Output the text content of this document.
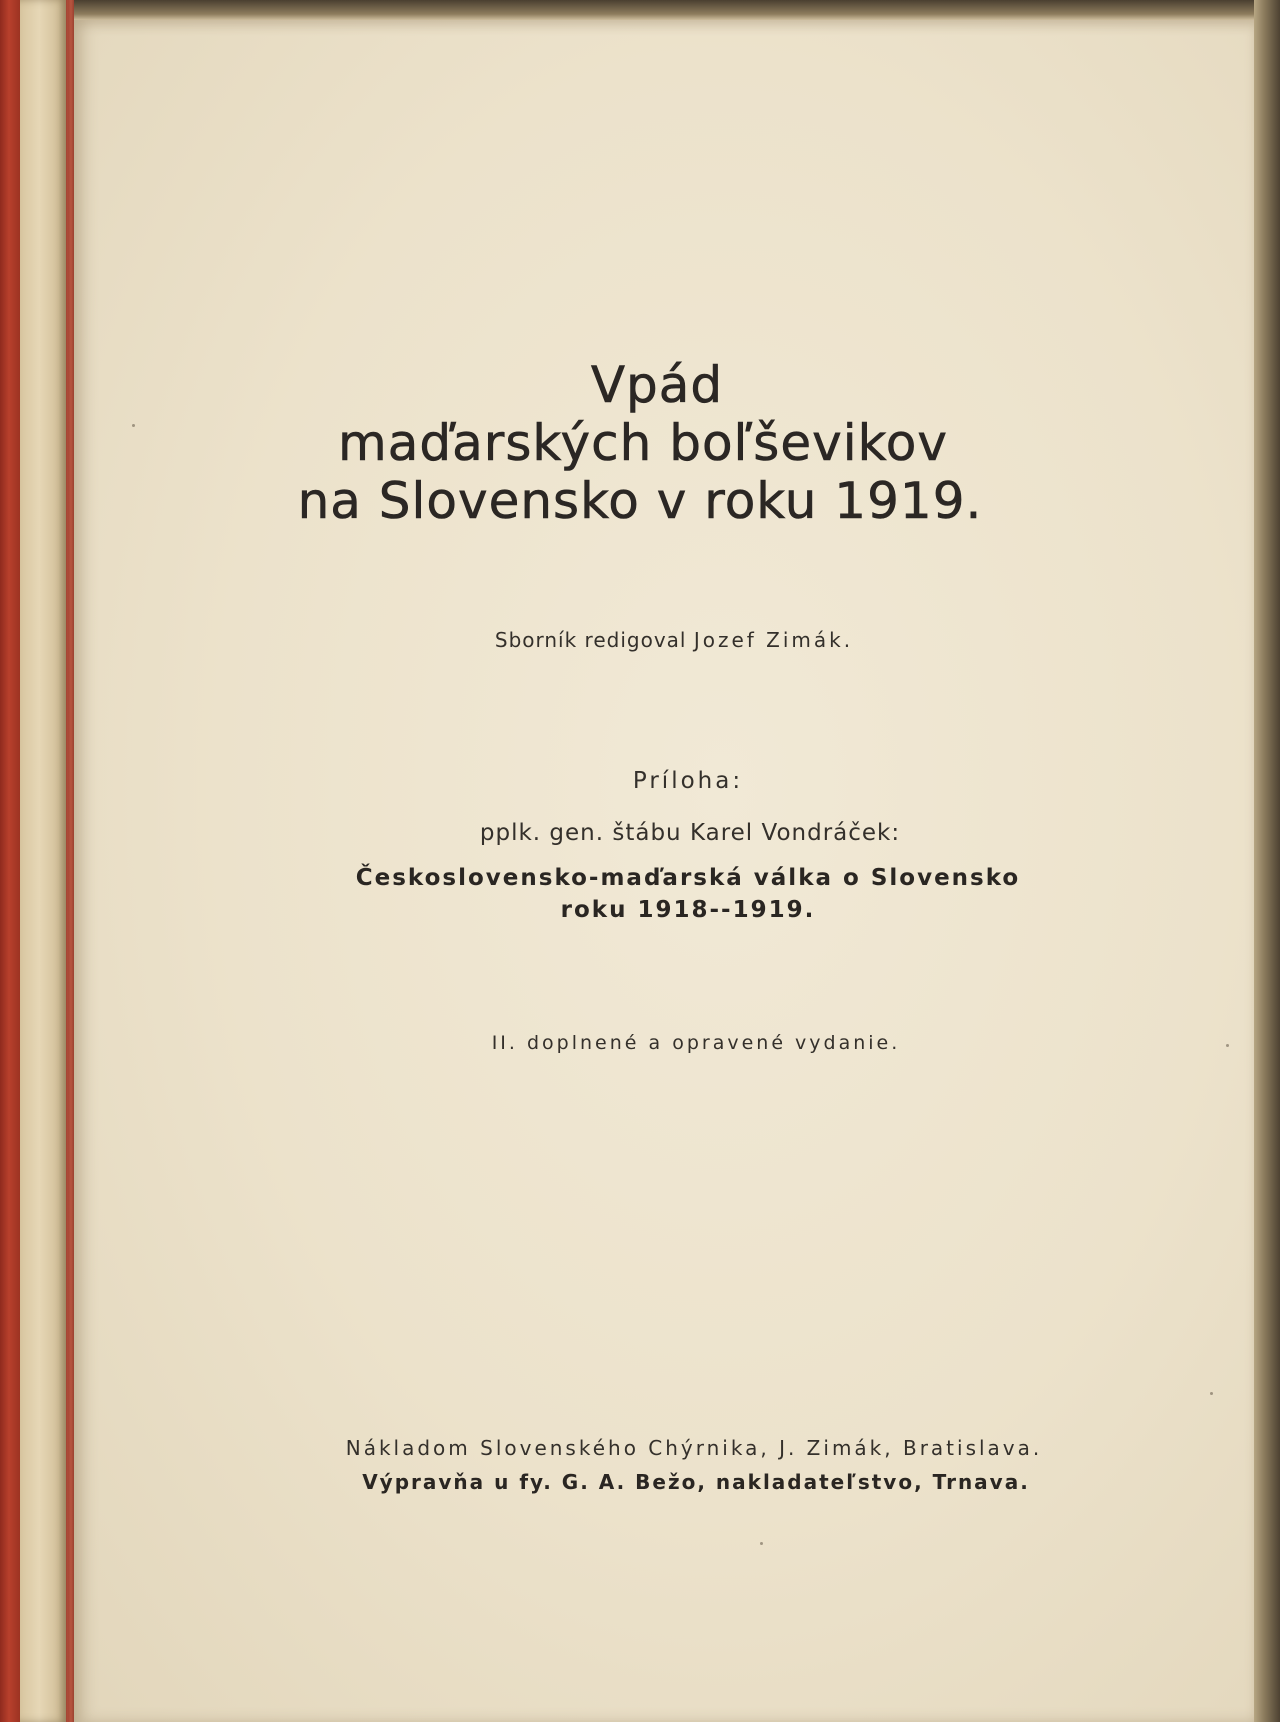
Vpád
maďarských boľševikov
na Slovensko v roku 1919.
Sborník redigoval Jozef Zimák.
Príloha:
pplk. gen. štábu Karel Vondráček:
Československo-maďarská válka o Slovensko
roku 1918--1919.
II. doplnené a opravené vydanie.
Nákladom Slovenského Chýrnika, J. Zimák, Bratislava.
Výpravňa u fy. G. A. Bežo, nakladateľstvo, Trnava.
